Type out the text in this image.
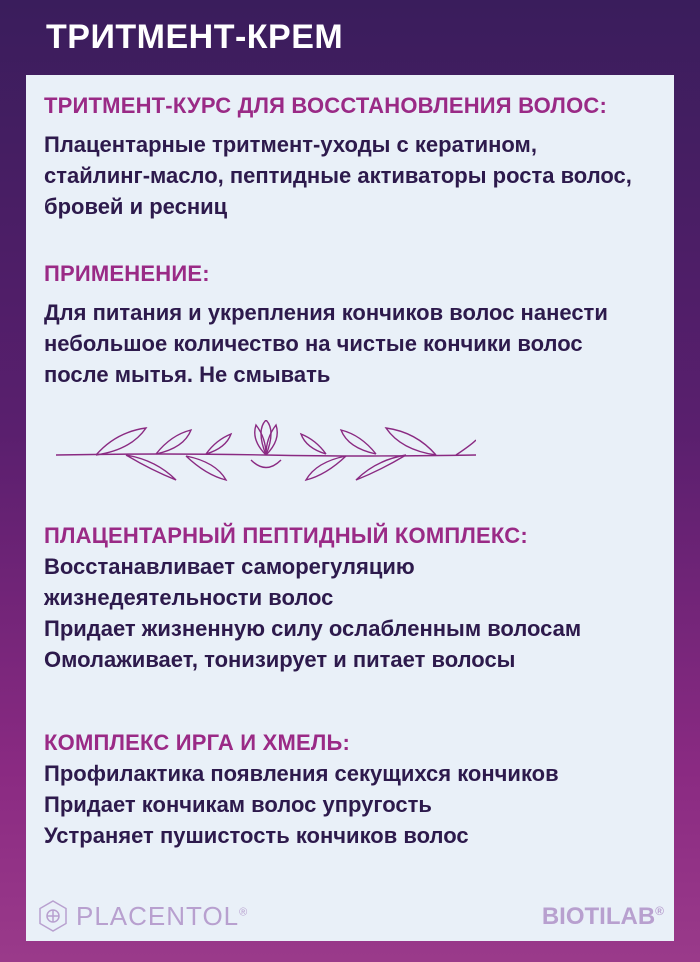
ТРИТМЕНТ-КРЕМ

ТРИТМЕНТ-КУРС ДЛЯ ВОССТАНОВЛЕНИЯ ВОЛОС:

Плацентарные тритмент-уходы с кератином,
стайлинг-масло, пептидные активаторы роста волос,
бровей и ресниц

ПРИМЕНЕНИЕ:

Для питания и укрепления кончиков волос нанести
небольшое количество на чистые кончики волос
после мытья. Не смывать

ПЛАЦЕНТАРНЫЙ ПЕПТИДНЫЙ КОМПЛЕКС:

Восстанавливает саморегуляцию
жизнедеятельности волос
Придает жизненную силу ослабленным волосам
Омолаживает, тонизирует и питает волосы

КОМПЛЕКС ИРГА И ХМЕЛЬ:

Профилактика появления секущихся кончиков
Придает кончикам волос упругость
Устраняет пушистость кончиков волос

PLACENTOL®	BIOTILAB®
